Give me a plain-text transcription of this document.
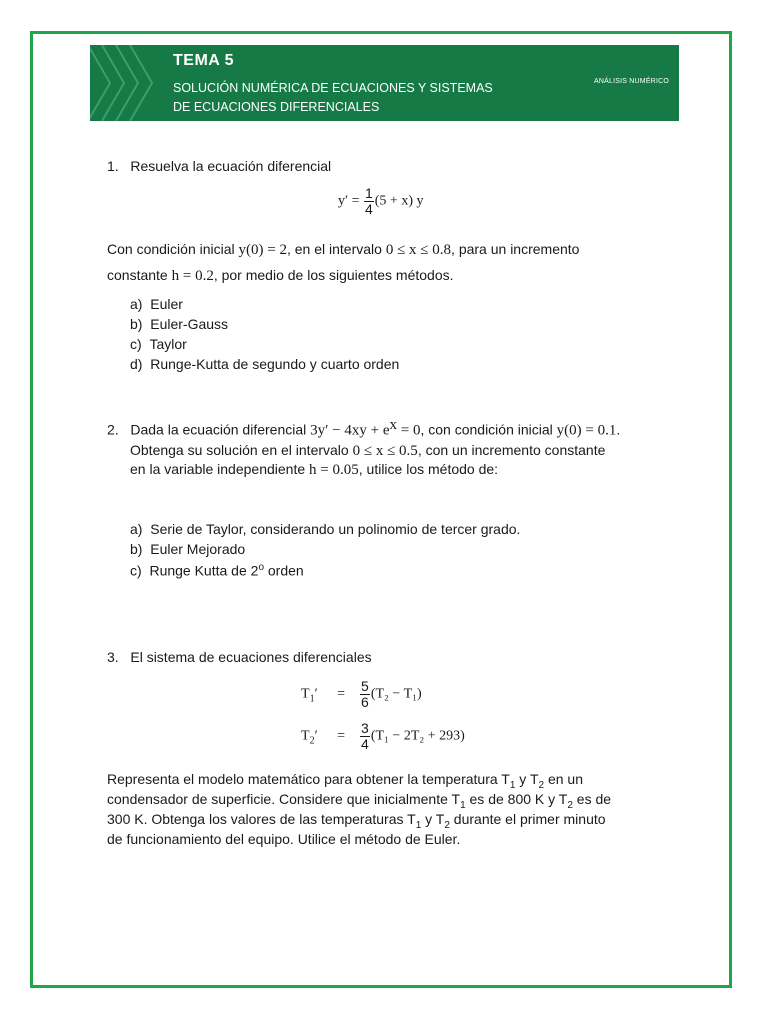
TEMA 5
SOLUCIÓN NUMÉRICA DE ECUACIONES Y SISTEMAS
DE ECUACIONES DIFERENCIALES
ANÁLISIS NUMÉRICO
1. Resuelva la ecuación diferencial
$y' = \frac{1}{4} (5 + x)$ y
Con condición inicial y(0) = 2, en el intervalo 0 ≤ x ≤ 0.8, para un incremento
constante h = 0.2, por medio de los siguientes métodos.
a) Euler
b) Euler-Gauss
c) Taylor
d) Runge-Kutta de segundo y cuarto orden
2. Dada la ecuación diferencial $3y' - 4xy + e^x = 0$, con condición inicial y(0) = 0.1.
Obtenga su solución en el intervalo 0 ≤ x ≤ 0.5, con un incremento constante
en la variable independiente h = 0.05, utilice los método de:
a) Serie de Taylor, considerando un polinomio de tercer grado.
b) Euler Mejorado
c) Runge Kutta de 2$^o$ orden
3. El sistema de ecuaciones diferenciales
$T_1' = \frac{5}{6} (T_2 - T_1)$
$T_2' = \frac{3}{4} (T_1 - 2T_2 + 293)$
Representa el modelo matemático para obtener la temperatura $T_1$ y $T_2$ en un
condensador de superficie. Considere que inicialmente $T_1$ es de 800 K y $T_2$ es de
300 K. Obtenga los valores de las temperaturas $T_1$ y $T_2$ durante el primer minuto
de funcionamiento del equipo. Utilice el método de Euler.
